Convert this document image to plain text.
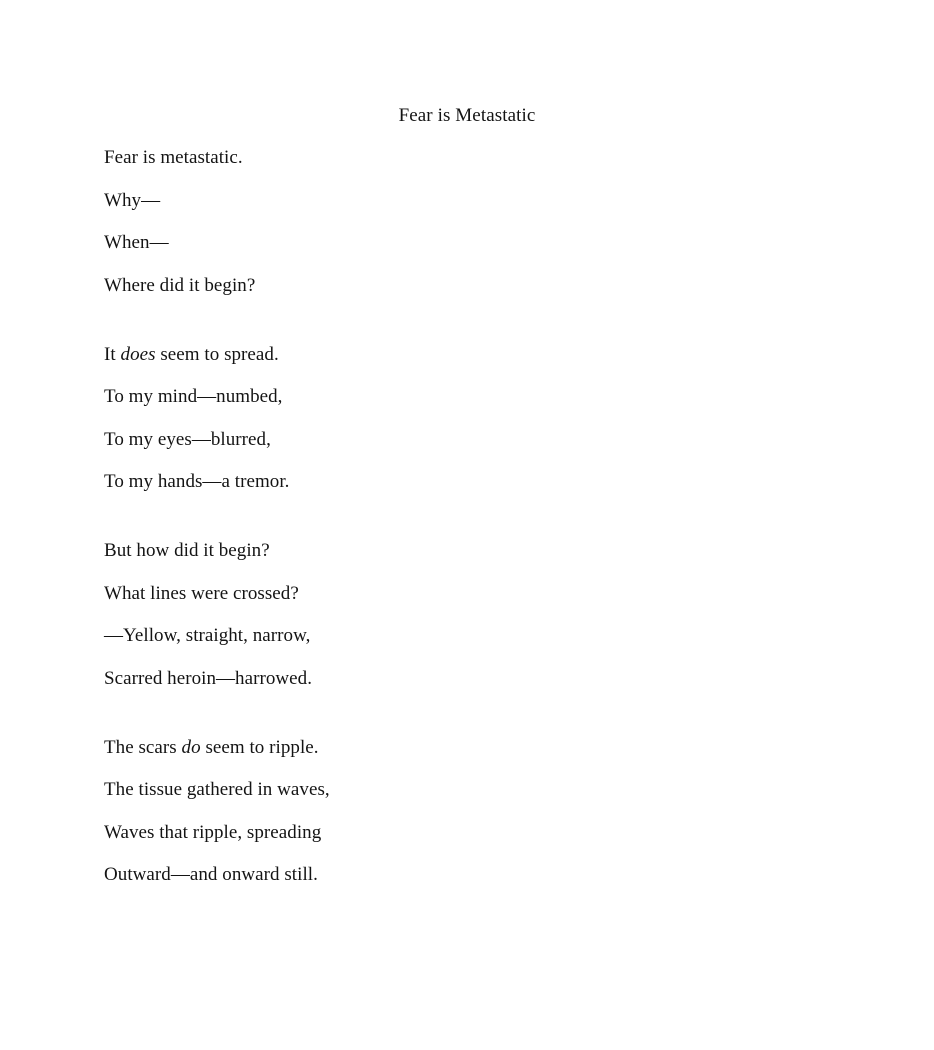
Fear is Metastatic
Fear is metastatic.
Why—
When—
Where did it begin?
It does seem to spread.
To my mind—numbed,
To my eyes—blurred,
To my hands—a tremor.
But how did it begin?
What lines were crossed?
—Yellow, straight, narrow,
Scarred heroin—harrowed.
The scars do seem to ripple.
The tissue gathered in waves,
Waves that ripple, spreading
Outward—and onward still.
